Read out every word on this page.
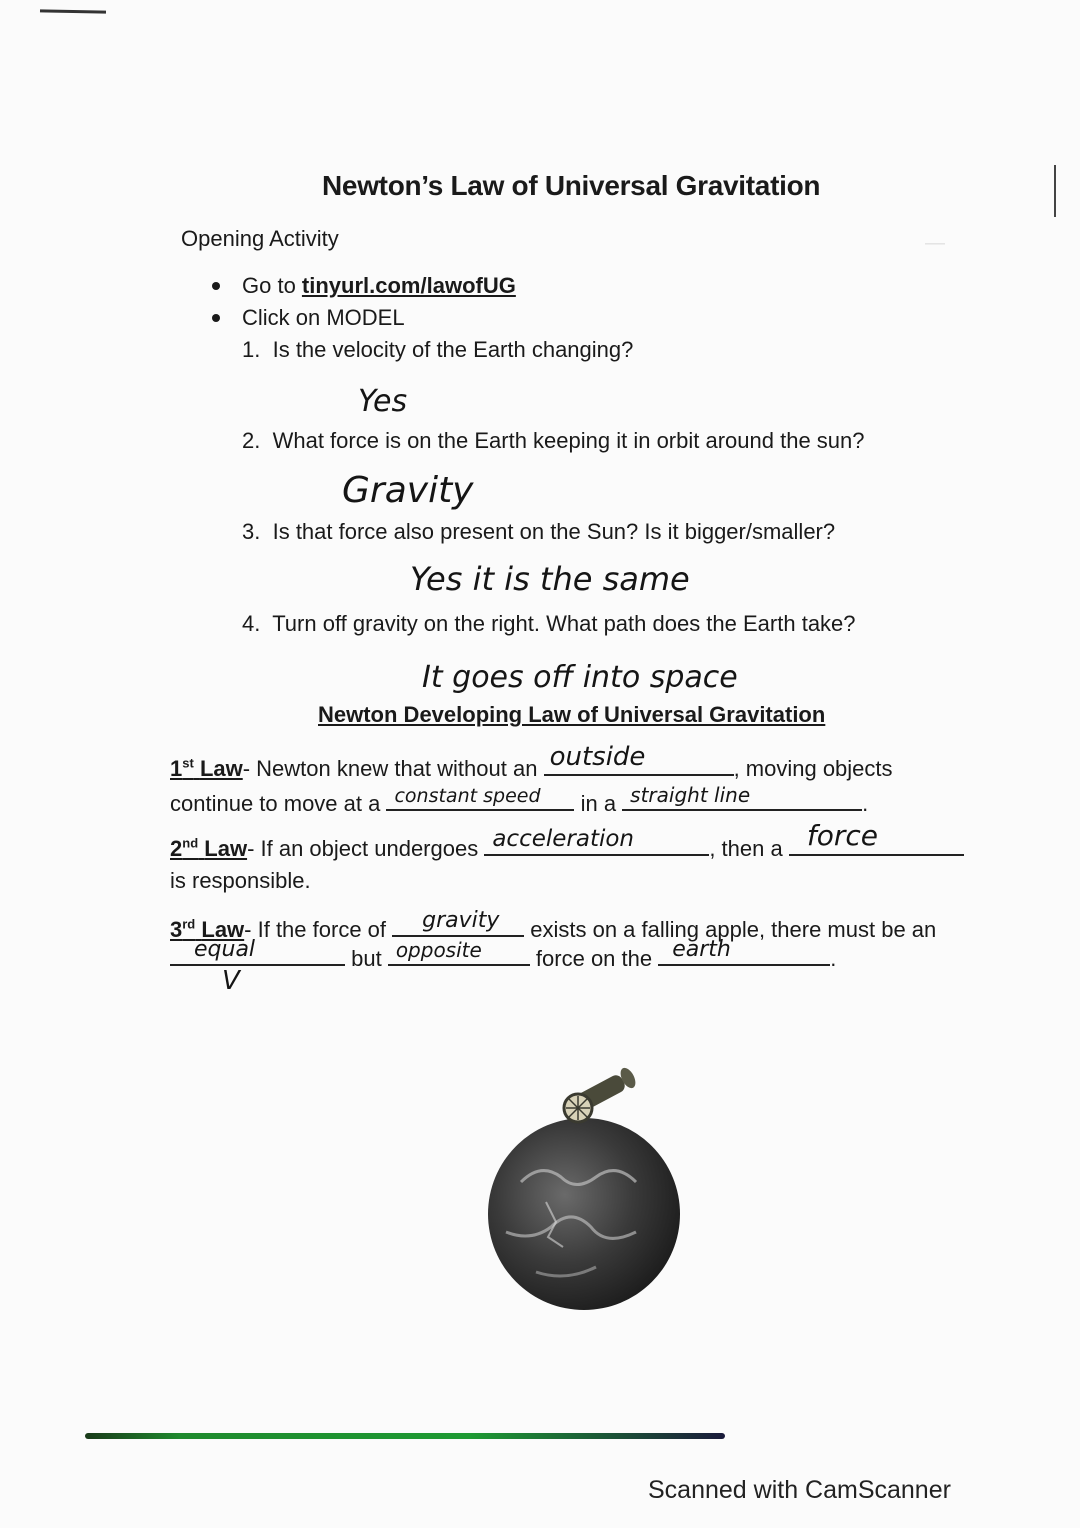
—
Newton’s Law of Universal Gravitation
Opening Activity
Go to tinyurl.com/lawofUG
Click on MODEL
1. Is the velocity of the Earth changing?
Yes
2. What force is on the Earth keeping it in orbit around the sun?
Gravity
3. Is that force also present on the Sun? Is it bigger/smaller?
Yes it is the same
4. Turn off gravity on the right. What path does the Earth take?
It goes off into space
Newton Developing Law of Universal Gravitation
1st Law- Newton knew that without an outside	, moving objects
continue to move at a constant speed in a straight line	.
2nd Law- If an object undergoes acceleration	, then a force
is responsible.
3rd Law- If the force of gravity exists on a falling apple, there must be an
equal	but opposite force on the earth	.
V
Scanned with CamScanner
